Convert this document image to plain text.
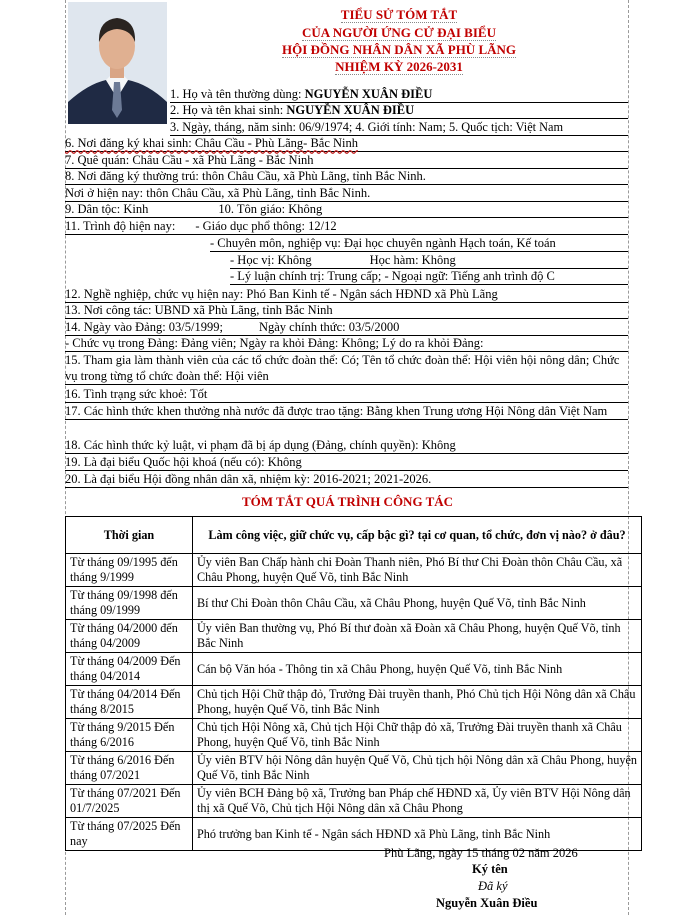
TIỂU SỬ TÓM TẮT
CỦA NGƯỜI ỨNG CỬ ĐẠI BIỂU
HỘI ĐỒNG NHÂN DÂN XÃ PHÙ LÃNG
NHIỆM KỲ 2026-2031
1. Họ và tên thường dùng: NGUYỄN XUÂN ĐIỀU
2. Họ và tên khai sinh: NGUYỄN XUÂN ĐIỀU
3. Ngày, tháng, năm sinh: 06/9/1974; 4. Giới tính: Nam; 5. Quốc tịch: Việt Nam
6. Nơi đăng ký khai sinh: Châu Cầu - Phù Lãng- Bắc Ninh
7. Quê quán: Châu Cầu - xã Phù Lãng - Bắc Ninh
8. Nơi đăng ký thường trú: thôn Châu Cầu, xã Phù Lãng, tỉnh Bắc Ninh.
Nơi ở hiện nay: thôn Châu Cầu, xã Phù Lãng, tỉnh Bắc Ninh.
9. Dân tộc: Kinh	10. Tôn giáo: Không
11. Trình độ hiện nay: - Giáo dục phổ thông: 12/12
- Chuyên môn, nghiệp vụ: Đại học chuyên ngành Hạch toán, Kế toán
- Học vị: Không	Học hàm: Không
- Lý luận chính trị: Trung cấp; - Ngoại ngữ: Tiếng anh trình độ C
12. Nghề nghiệp, chức vụ hiện nay: Phó Ban Kinh tế - Ngân sách HĐND xã Phù Lãng
13. Nơi công tác: UBND xã Phù Lãng, tỉnh Bắc Ninh
14. Ngày vào Đảng: 03/5/1999;	Ngày chính thức: 03/5/2000
- Chức vụ trong Đảng: Đảng viên; Ngày ra khỏi Đảng: Không; Lý do ra khỏi Đảng:
15. Tham gia làm thành viên của các tổ chức đoàn thể: Có; Tên tổ chức đoàn thể: Hội viên hội nông dân; Chức vụ trong từng tổ chức đoàn thể: Hội viên
16. Tình trạng sức khoẻ: Tốt
17. Các hình thức khen thưởng nhà nước đã được trao tặng: Bằng khen Trung ương Hội Nông dân Việt Nam
18. Các hình thức kỷ luật, vi phạm đã bị áp dụng (Đảng, chính quyền): Không
19. Là đại biểu Quốc hội khoá (nếu có): Không
20. Là đại biểu Hội đồng nhân dân xã, nhiệm kỳ: 2016-2021; 2021-2026.
TÓM TẮT QUÁ TRÌNH CÔNG TÁC
Thời gian	Làm công việc, giữ chức vụ, cấp bậc gì? tại cơ quan, tổ chức, đơn vị nào? ở đâu?
Từ tháng 09/1995 đến tháng 9/1999	Ủy viên Ban Chấp hành chi Đoàn Thanh niên, Phó Bí thư Chi Đoàn thôn Châu Cầu, xã Châu Phong, huyện Quế Võ, tỉnh Bắc Ninh
Từ tháng 09/1998 đến tháng 09/1999	Bí thư Chi Đoàn thôn Châu Cầu, xã Châu Phong, huyện Quế Võ, tỉnh Bắc Ninh
Từ tháng 04/2000 đến tháng 04/2009	Ủy viên Ban thường vụ, Phó Bí thư đoàn xã Đoàn xã Châu Phong, huyện Quế Võ, tỉnh Bắc Ninh
Từ tháng 04/2009 Đến tháng 04/2014	Cán bộ Văn hóa - Thông tin xã Châu Phong, huyện Quế Võ, tỉnh Bắc Ninh
Từ tháng 04/2014 Đến tháng 8/2015	Chủ tịch Hội Chữ thập đỏ, Trưởng Đài truyền thanh, Phó Chủ tịch Hội Nông dân xã Châu Phong, huyện Quế Võ, tỉnh Bắc Ninh
Từ tháng 9/2015 Đến tháng 6/2016	Chủ tịch Hội Nông xã, Chủ tịch Hội Chữ thập đỏ xã, Trưởng Đài truyền thanh xã Châu Phong, huyện Quế Võ, tỉnh Bắc Ninh
Từ tháng 6/2016 Đến tháng 07/2021	Ủy viên BTV hội Nông dân huyện Quế Võ, Chủ tịch hội Nông dân xã Châu Phong, huyện Quế Võ, tỉnh Bắc Ninh
Từ tháng 07/2021 Đến 01/7/2025	Ủy viên BCH Đảng bộ xã, Trưởng ban Pháp chế HĐND xã, Ủy viên BTV Hội Nông dân thị xã Quế Võ, Chủ tịch Hội Nông dân xã Châu Phong
Từ tháng 07/2025 Đến nay	Phó trưởng ban Kinh tế - Ngân sách HĐND xã Phù Lãng, tỉnh Bắc Ninh
Phù Lãng, ngày 15 tháng 02 năm 2026
Ký tên
Đã ký
Nguyễn Xuân Điều
